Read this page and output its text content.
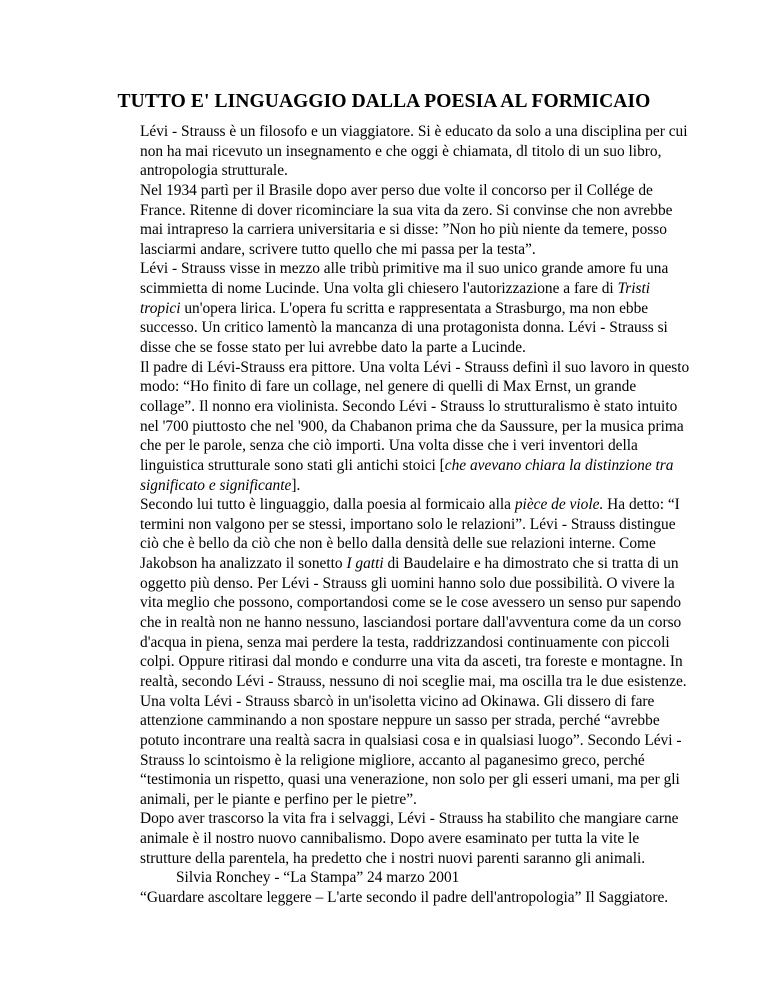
TUTTO E' LINGUAGGIO DALLA POESIA AL FORMICAIO
Lévi - Strauss è un filosofo e un viaggiatore. Si è educato da solo a una disciplina per cui
non ha mai ricevuto un insegnamento e che oggi è chiamata, dl titolo di un suo libro,
antropologia strutturale.
Nel 1934 partì per il Brasile dopo aver perso due volte il concorso per il Collége de
France. Ritenne di dover ricominciare la sua vita da zero. Si convinse che non avrebbe
mai intrapreso la carriera universitaria e si disse: ”Non ho più niente da temere, posso
lasciarmi andare, scrivere tutto quello che mi passa per la testa”.
Lévi - Strauss visse in mezzo alle tribù primitive ma il suo unico grande amore fu una
scimmietta di nome Lucinde. Una volta gli chiesero l'autorizzazione a fare di Tristi
tropici un'opera lirica. L'opera fu scritta e rappresentata a Strasburgo, ma non ebbe
successo. Un critico lamentò la mancanza di una protagonista donna. Lévi - Strauss si
disse che se fosse stato per lui avrebbe dato la parte a Lucinde.
Il padre di Lévi-Strauss era pittore. Una volta Lévi - Strauss definì il suo lavoro in questo
modo: “Ho finito di fare un collage, nel genere di quelli di Max Ernst, un grande
collage”. Il nonno era violinista. Secondo Lévi - Strauss lo strutturalismo è stato intuito
nel '700 piuttosto che nel '900, da Chabanon prima che da Saussure, per la musica prima
che per le parole, senza che ciò importi. Una volta disse che i veri inventori della
linguistica strutturale sono stati gli antichi stoici [che avevano chiara la distinzione tra
significato e significante].
Secondo lui tutto è linguaggio, dalla poesia al formicaio alla pièce de viole. Ha detto: “I
termini non valgono per se stessi, importano solo le relazioni”. Lévi - Strauss distingue
ciò che è bello da ciò che non è bello dalla densità delle sue relazioni interne. Come
Jakobson ha analizzato il sonetto I gatti di Baudelaire e ha dimostrato che si tratta di un
oggetto più denso. Per Lévi - Strauss gli uomini hanno solo due possibilità. O vivere la
vita meglio che possono, comportandosi come se le cose avessero un senso pur sapendo
che in realtà non ne hanno nessuno, lasciandosi portare dall'avventura come da un corso
d'acqua in piena, senza mai perdere la testa, raddrizzandosi continuamente con piccoli
colpi. Oppure ritirasi dal mondo e condurre una vita da asceti, tra foreste e montagne. In
realtà, secondo Lévi - Strauss, nessuno di noi sceglie mai, ma oscilla tra le due esistenze.
Una volta Lévi - Strauss sbarcò in un'isoletta vicino ad Okinawa. Gli dissero di fare
attenzione camminando a non spostare neppure un sasso per strada, perché “avrebbe
potuto incontrare una realtà sacra in qualsiasi cosa e in qualsiasi luogo”. Secondo Lévi -
Strauss lo scintoismo è la religione migliore, accanto al paganesimo greco, perché
“testimonia un rispetto, quasi una venerazione, non solo per gli esseri umani, ma per gli
animali, per le piante e perfino per le pietre”.
Dopo aver trascorso la vita fra i selvaggi, Lévi - Strauss ha stabilito che mangiare carne
animale è il nostro nuovo cannibalismo. Dopo avere esaminato per tutta la vite le
strutture della parentela, ha predetto che i nostri nuovi parenti saranno gli animali.
Silvia Ronchey - “La Stampa” 24 marzo 2001
“Guardare ascoltare leggere – L'arte secondo il padre dell'antropologia” Il Saggiatore.
